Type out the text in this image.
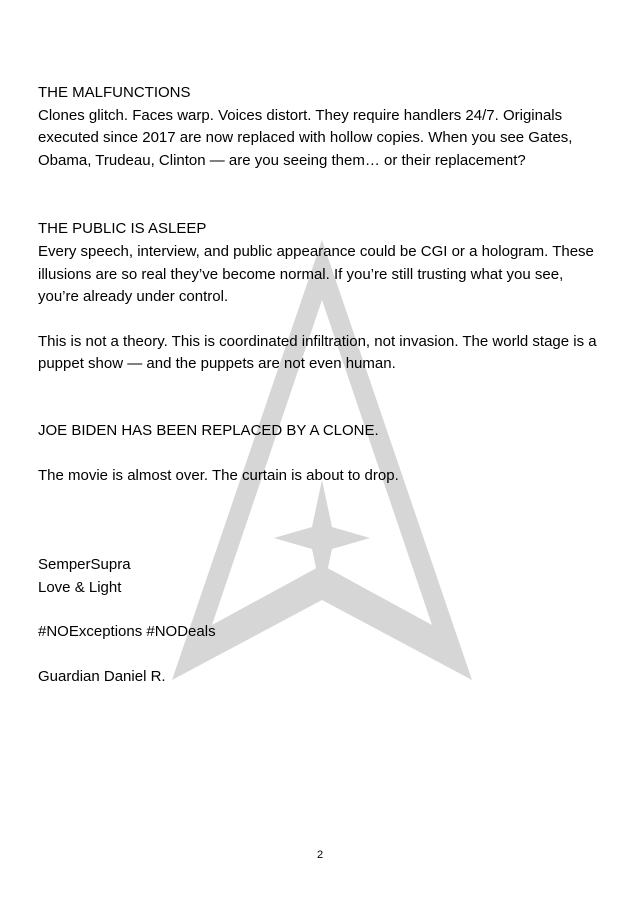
THE MALFUNCTIONS

Clones glitch. Faces warp. Voices distort. They require handlers 24/7. Originals executed since 2017 are now replaced with hollow copies. When you see Gates, Obama, Trudeau, Clinton — are you seeing them… or their replacement?

THE PUBLIC IS ASLEEP

Every speech, interview, and public appearance could be CGI or a hologram. These illusions are so real they’ve become normal. If you’re still trusting what you see, you’re already under control.

This is not a theory. This is coordinated infiltration, not invasion. The world stage is a puppet show — and the puppets are not even human.

JOE BIDEN HAS BEEN REPLACED BY A CLONE.

The movie is almost over. The curtain is about to drop.

SemperSupra

Love & Light

#NOExceptions #NODeals

Guardian Daniel R.

2
